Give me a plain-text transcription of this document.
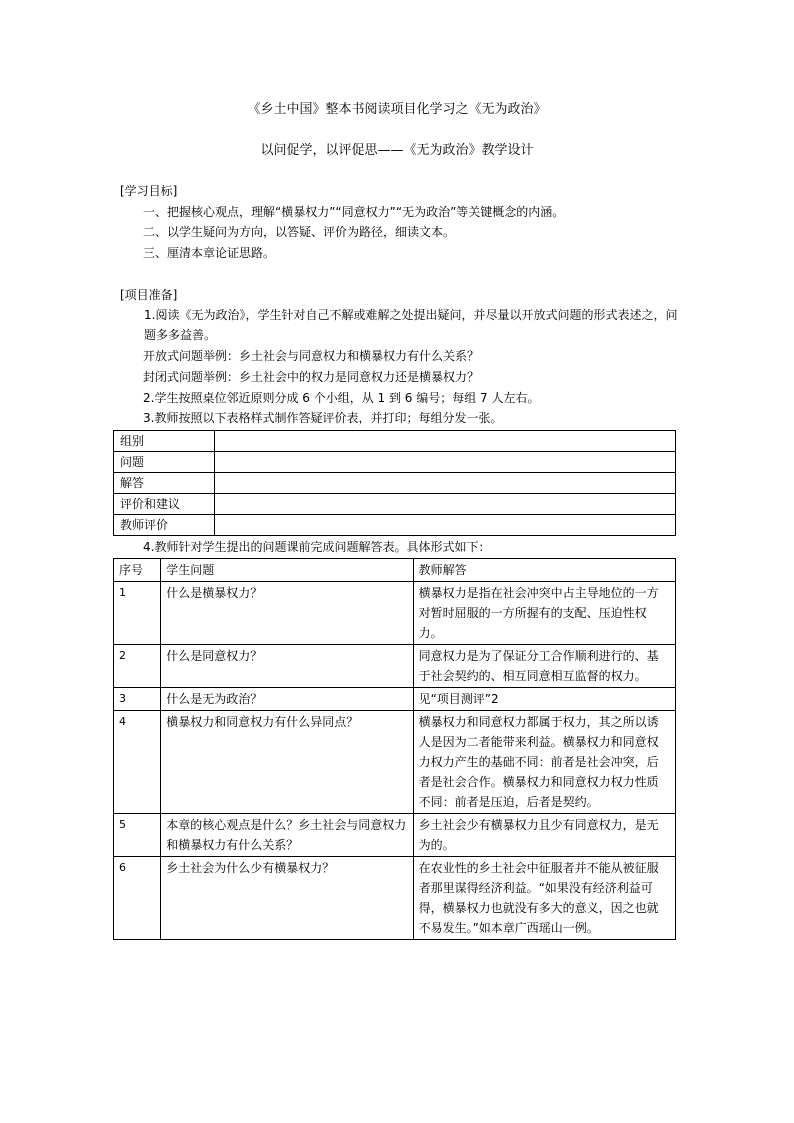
《乡土中国》整本书阅读项目化学习之《无为政治》
以问促学，以评促思——《无为政治》教学设计
[学习目标]
一、把握核心观点，理解“横暴权力”“同意权力”“无为政治”等关键概念的内涵。
二、以学生疑问为方向，以答疑、评价为路径，细读文本。
三、厘清本章论证思路。
[项目准备]
1.阅读《无为政治》，学生针对自己不解或难解之处提出疑问，并尽量以开放式问题的形式表述之，问题多多益善。
开放式问题举例：乡土社会与同意权力和横暴权力有什么关系？
封闭式问题举例：乡土社会中的权力是同意权力还是横暴权力？
2.学生按照桌位邻近原则分成 6 个小组，从 1 到 6 编号；每组 7 人左右。
3.教师按照以下表格样式制作答疑评价表，并打印；每组分发一张。
组别	
问题	
解答	
评价和建议	
教师评价	
4.教师针对学生提出的问题课前完成问题解答表。具体形式如下：
序号	学生问题	教师解答
1	什么是横暴权力？	横暴权力是指在社会冲突中占主导地位的一方对暂时屈服的一方所握有的支配、压迫性权力。
2	什么是同意权力？	同意权力是为了保证分工合作顺利进行的、基于社会契约的、相互同意相互监督的权力。
3	什么是无为政治？	见“项目测评”2
4	横暴权力和同意权力有什么异同点？	横暴权力和同意权力都属于权力，其之所以诱人是因为二者能带来利益。横暴权力和同意权力权力产生的基础不同：前者是社会冲突，后者是社会合作。横暴权力和同意权力权力性质不同：前者是压迫，后者是契约。
5	本章的核心观点是什么？乡土社会与同意权力和横暴权力有什么关系？	乡土社会少有横暴权力且少有同意权力，是无为的。
6	乡土社会为什么少有横暴权力？	在农业性的乡土社会中征服者并不能从被征服者那里谋得经济利益。“如果没有经济利益可得，横暴权力也就没有多大的意义，因之也就不易发生。”如本章广西瑶山一例。
